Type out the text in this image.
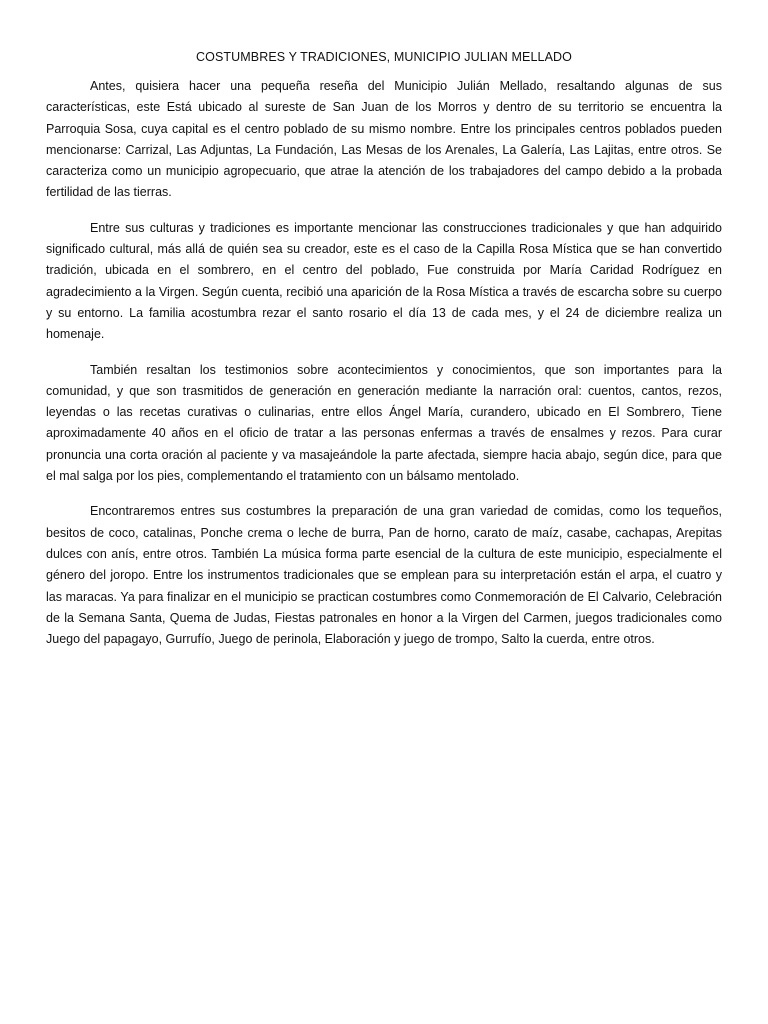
COSTUMBRES Y TRADICIONES, MUNICIPIO JULIAN MELLADO

Antes, quisiera hacer una pequeña reseña del Municipio Julián Mellado, resaltando algunas de sus características, este Está ubicado al sureste de San Juan de los Morros y dentro de su territorio se encuentra la Parroquia Sosa, cuya capital es el centro poblado de su mismo nombre. Entre los principales centros poblados pueden mencionarse: Carrizal, Las Adjuntas, La Fundación, Las Mesas de los Arenales, La Galería, Las Lajitas, entre otros. Se caracteriza como un municipio agropecuario, que atrae la atención de los trabajadores del campo debido a la probada fertilidad de las tierras.

Entre sus culturas y tradiciones es importante mencionar las construcciones tradicionales y que han adquirido significado cultural, más allá de quién sea su creador, este es el caso de la Capilla Rosa Mística que se han convertido tradición, ubicada en el sombrero, en el centro del poblado, Fue construida por María Caridad Rodríguez en agradecimiento a la Virgen. Según cuenta, recibió una aparición de la Rosa Mística a través de escarcha sobre su cuerpo y su entorno. La familia acostumbra rezar el santo rosario el día 13 de cada mes, y el 24 de diciembre realiza un homenaje.

También resaltan los testimonios sobre acontecimientos y conocimientos, que son importantes para la comunidad, y que son trasmitidos de generación en generación mediante la narración oral: cuentos, cantos, rezos, leyendas o las recetas curativas o culinarias, entre ellos Ángel María, curandero, ubicado en El Sombrero, Tiene aproximadamente 40 años en el oficio de tratar a las personas enfermas a través de ensalmes y rezos. Para curar pronuncia una corta oración al paciente y va masajeándole la parte afectada, siempre hacia abajo, según dice, para que el mal salga por los pies, complementando el tratamiento con un bálsamo mentolado.

Encontraremos entres sus costumbres la preparación de una gran variedad de comidas, como los tequeños, besitos de coco, catalinas, Ponche crema o leche de burra, Pan de horno, carato de maíz, casabe, cachapas, Arepitas dulces con anís, entre otros. También La música forma parte esencial de la cultura de este municipio, especialmente el género del joropo. Entre los instrumentos tradicionales que se emplean para su interpretación están el arpa, el cuatro y las maracas. Ya para finalizar en el municipio se practican costumbres como Conmemoración de El Calvario, Celebración de la Semana Santa, Quema de Judas, Fiestas patronales en honor a la Virgen del Carmen, juegos tradicionales como Juego del papagayo, Gurrufío, Juego de perinola, Elaboración y juego de trompo, Salto la cuerda, entre otros.
